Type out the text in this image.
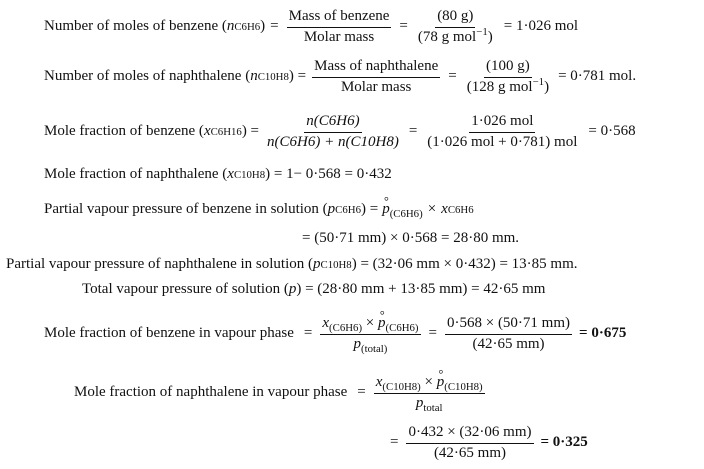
Number of moles of benzene ( n C6H6 ) = $\frac{\text{Mass of benzene}}{\text{Molar mass}} = \frac{(80 g)}{(78 g mol^{-1})} = 1\cdot 026$ mol
Number of moles of naphthalene ( n C10H8 ) = $\frac{\text{Mass of naphthalene}}{\text{Molar mass}} = \frac{(100 g)}{(128 g mol^{-1})} = 0\cdot 781$ mol.
Mole fraction of benzene ( x C6H16 ) = $\frac{n(C6H6)}{n(C6H6) + n(C10H8)} = \frac{\text{1·026 mol}}{\text{(1·026 mol + 0·781) mol}} = 0\cdot 568$
Mole fraction of naphthalene ( x C10H8 ) = 1− 0·568 = 0·432
Partial vapour pressure of benzene in solution ( p C6H6 ) = ° $p_{(C6H6)} \times x$ C6H6
= (50·71 mm) × 0·568 = 28·80 mm.
Partial vapour pressure of naphthalene in solution ( p C10H8 ) = (32·06 mm × 0·432) = 13·85 mm.
Total vapour pressure of solution ( p ) = (28·80 mm + 13·85 mm) = 42·65 mm
Mole fraction of benzene in vapour phase = $\frac{x_{(C6H6)} \times ^\circ p_{(C6H6)}}{p_{(total)}} = \frac{0\cdot 568 \times (50\cdot 71 mm)}{(42\cdot 65 mm)} = 0\cdot 675$
Mole fraction of naphthalene in vapour phase = $\frac{x_{(C10H8)} \times ^\circ p_{(C10H8)}}{p_{total}}$
= $\frac{0\cdot 432 \times (32\cdot 06 mm)}{(42\cdot 65 mm)} = 0\cdot 325$
